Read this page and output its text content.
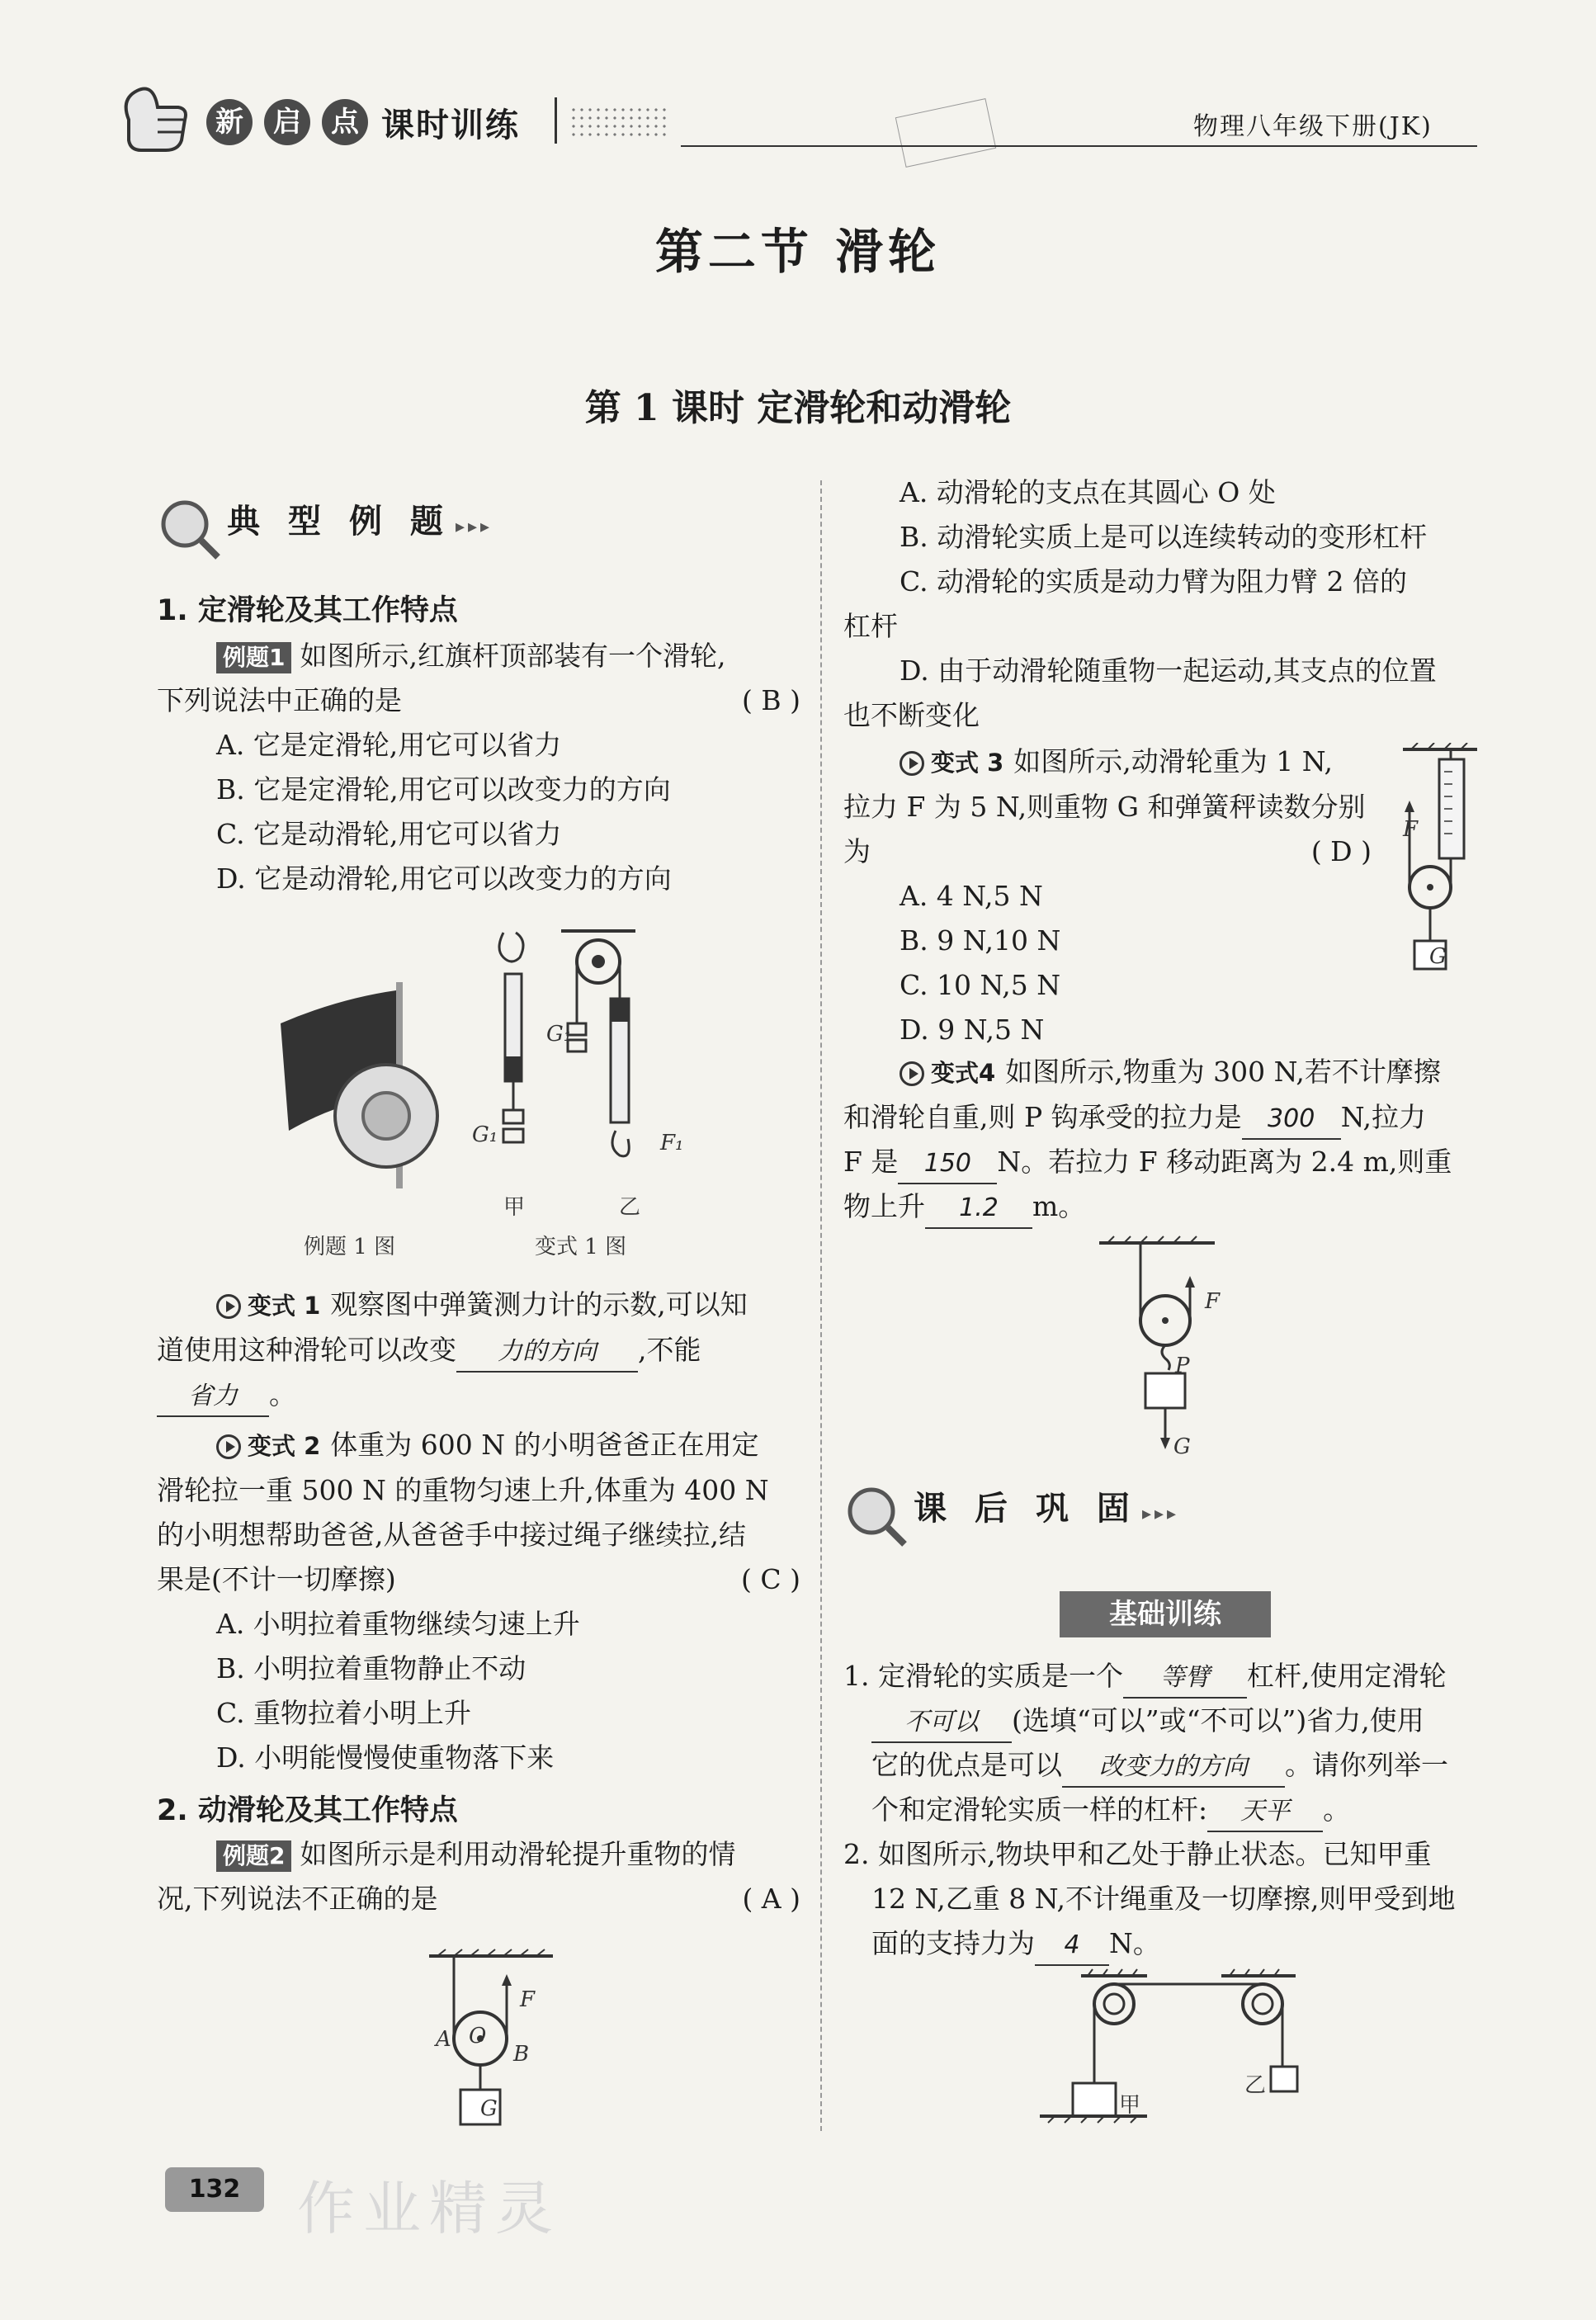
新	启	点 课时训练	物理八年级下册(JK)
第二节 滑轮
第 1 课时 定滑轮和动滑轮
典 型 例 题 ▸▸▸
1. 定滑轮及其工作特点
例题1 如图所示,红旗杆顶部装有一个滑轮,
下列说法中正确的是	( B )
A. 它是定滑轮,用它可以省力
B. 它是定滑轮,用它可以改变力的方向
C. 它是动滑轮,用它可以省力
D. 它是动滑轮,用它可以改变力的方向
例题 1 图
G₁
G₁
F₁
甲	乙
变式 1 图
变式 1 观察图中弹簧测力计的示数,可以知
道使用这种滑轮可以改变 力的方向 ,不能
省力 。
变式 2 体重为 600 N 的小明爸爸正在用定
滑轮拉一重 500 N 的重物匀速上升,体重为 400 N
的小明想帮助爸爸,从爸爸手中接过绳子继续拉,结
果是(不计一切摩擦)	( C )
A. 小明拉着重物继续匀速上升
B. 小明拉着重物静止不动
C. 重物拉着小明上升
D. 小明能慢慢使重物落下来
2. 动滑轮及其工作特点
例题2 如图所示是利用动滑轮提升重物的情
况,下列说法不正确的是	( A )
A O
B
F
G
A. 动滑轮的支点在其圆心 O 处
B. 动滑轮实质上是可以连续转动的变形杠杆
C. 动滑轮的实质是动力臂为阻力臂 2 倍的
杠杆
D. 由于动滑轮随重物一起运动,其支点的位置
也不断变化
变式 3 如图所示,动滑轮重为 1 N,
拉力 F 为 5 N,则重物 G 和弹簧秤读数分别
为	( D )
A. 4 N,5 N
B. 9 N,10 N
C. 10 N,5 N
D. 9 N,5 N
F
G
变式4 如图所示,物重为 300 N,若不计摩擦
和滑轮自重,则 P 钩承受的拉力是 300 N,拉力
F 是 150 N。若拉力 F 移动距离为 2.4 m,则重
物上升 1.2 m。
F
P
G
课 后 巩 固 ▸▸▸
基础训练
1. 定滑轮的实质是一个 等臂 杠杆,使用定滑轮
不可以 (选填“可以”或“不可以”)省力,使用
它的优点是可以 改变力的方向 。请你列举一
个和定滑轮实质一样的杠杆: 天平 。
2. 如图所示,物块甲和乙处于静止状态。已知甲重
12 N,乙重 8 N,不计绳重及一切摩擦,则甲受到地
面的支持力为 4 N。
甲
乙
132 作业精灵
